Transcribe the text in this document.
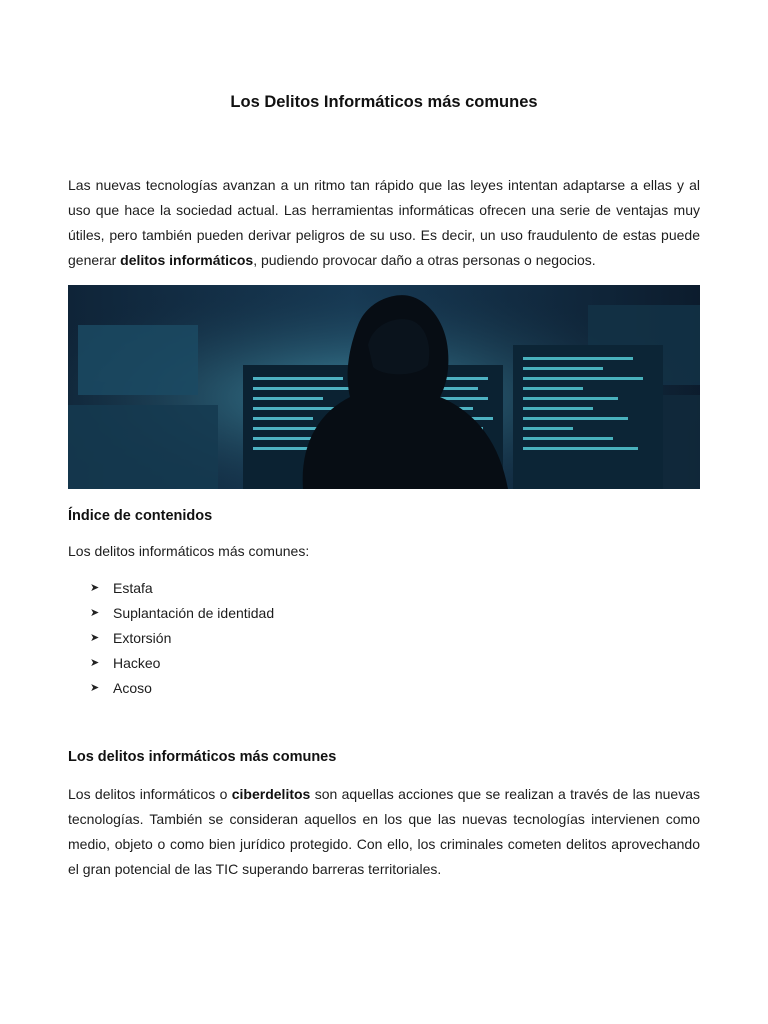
Los Delitos Informáticos más comunes

Las nuevas tecnologías avanzan a un ritmo tan rápido que las leyes intentan adaptarse a ellas y al uso que hace la sociedad actual. Las herramientas informáticas ofrecen una serie de ventajas muy útiles, pero también pueden derivar peligros de su uso. Es decir, un uso fraudulento de estas puede generar delitos informáticos, pudiendo provocar daño a otras personas o negocios.

Índice de contenidos
Los delitos informáticos más comunes:
➤ Estafa
➤ Suplantación de identidad
➤ Extorsión
➤ Hackeo
➤ Acoso
Los delitos informáticos más comunes

Los delitos informáticos o ciberdelitos son aquellas acciones que se realizan a través de las nuevas tecnologías. También se consideran aquellos en los que las nuevas tecnologías intervienen como medio, objeto o como bien jurídico protegido. Con ello, los criminales cometen delitos aprovechando el gran potencial de las TIC superando barreras territoriales.
